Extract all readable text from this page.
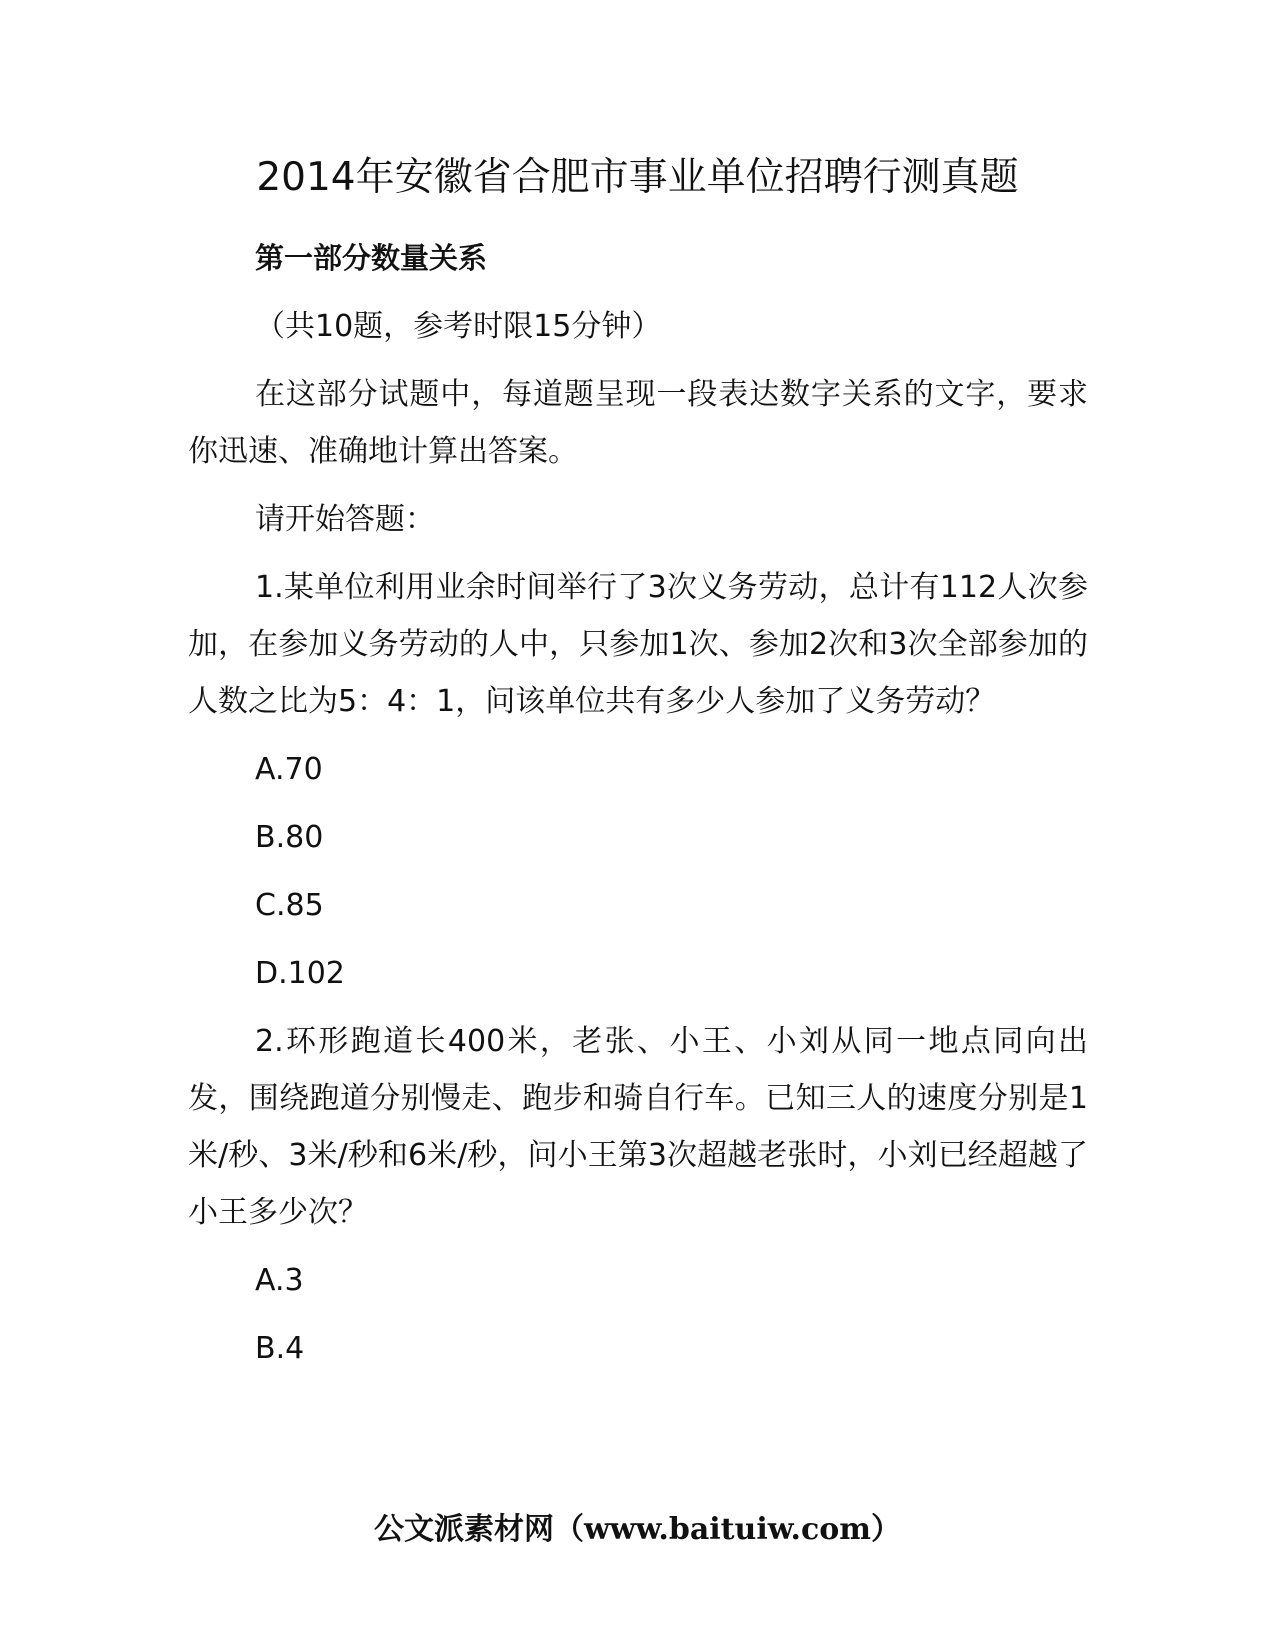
2014年安徽省合肥市事业单位招聘行测真题

第一部分数量关系

（共10题，参考时限15分钟）

在这部分试题中，每道题呈现一段表达数字关系的文字，要求你迅速、准确地计算出答案。

请开始答题：

1.某单位利用业余时间举行了3次义务劳动，总计有112人次参加，在参加义务劳动的人中，只参加1次、参加2次和3次全部参加的人数之比为5：4：1，问该单位共有多少人参加了义务劳动？

A.70
B.80
C.85
D.102

2.环形跑道长400米，老张、小王、小刘从同一地点同向出发，围绕跑道分别慢走、跑步和骑自行车。已知三人的速度分别是1米/秒、3米/秒和6米/秒，问小王第3次超越老张时，小刘已经超越了小王多少次？

A.3
B.4
公文派素材网（www.baituiw.com）
